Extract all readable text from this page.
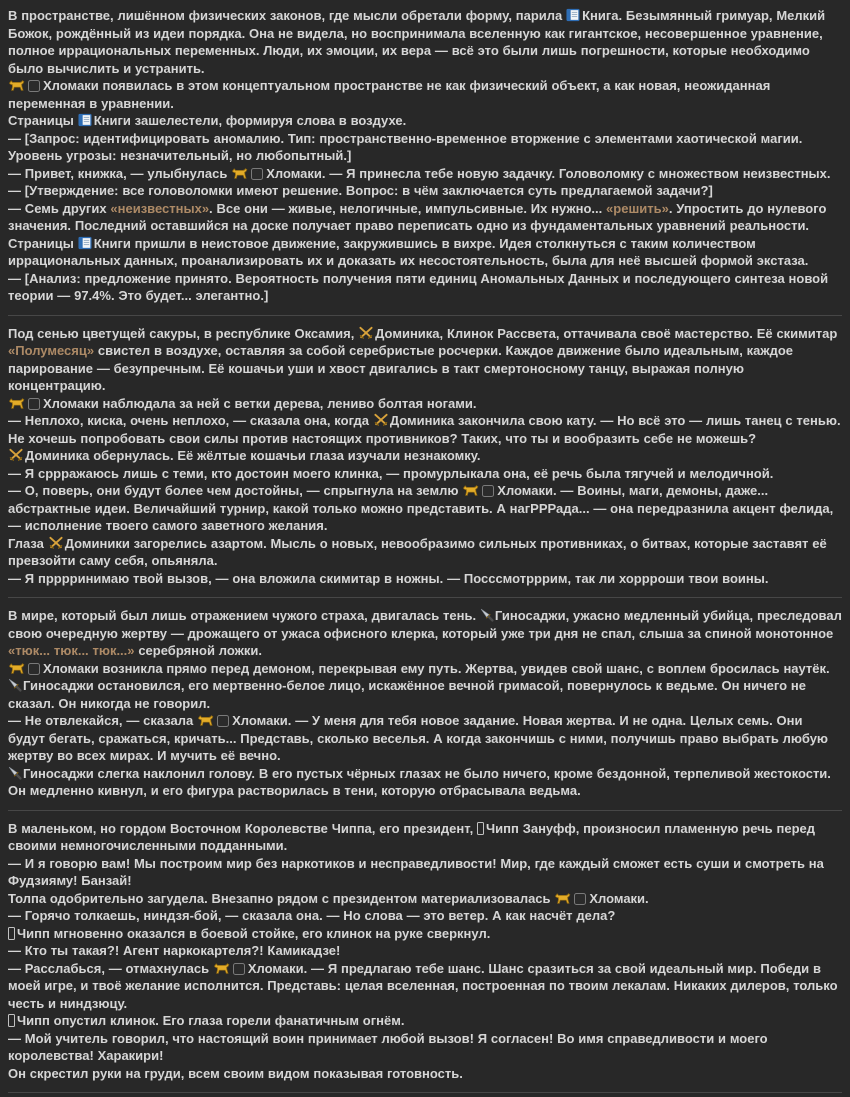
В пространстве, лишённом физических законов, где мысли обретали форму, парила Книга. Безымянный гримуар, Мелкий Божок, рождённый из идеи порядка. Она не видела, но воспринимала вселенную как гигантское, несовершенное уравнение, полное иррациональных переменных. Люди, их эмоции, их вера — всё это были лишь погрешности, которые необходимо было вычислить и устранить.

Хломаки появилась в этом концептуальном пространстве не как физический объект, а как новая, неожиданная переменная в уравнении.

Страницы Книги зашелестели, формируя слова в воздухе.

— [Запрос: идентифицировать аномалию. Тип: пространственно-временное вторжение с элементами хаотической магии. Уровень угрозы: незначительный, но любопытный.]

— Привет, книжка, — улыбнулась	Хломаки. — Я принесла тебе новую задачку. Головоломку с множеством неизвестных.

— [Утверждение: все головоломки имеют решение. Вопрос: в чём заключается суть предлагаемой задачи?]

— Семь других «неизвестных». Все они — живые, нелогичные, импульсивные. Их нужно... «решить». Упростить до нулевого значения. Последний оставшийся на доске получает право переписать одно из фундаментальных уравнений реальности.

Страницы Книги пришли в неистовое движение, закружившись в вихре. Идея столкнуться с таким количеством иррациональных данных, проанализировать их и доказать их несостоятельность, была для неё высшей формой экстаза.

— [Анализ: предложение принято. Вероятность получения пяти единиц Аномальных Данных и последующего синтеза новой теории — 97.4%. Это будет... элегантно.]

Под сенью цветущей сакуры, в республике Оксамия, Доминика, Клинок Рассвета, оттачивала своё мастерство. Её скимитар «Полумесяц» свистел в воздухе, оставляя за собой серебристые росчерки. Каждое движение было идеальным, каждое парирование — безупречным. Её кошачьи уши и хвост двигались в такт смертоносному танцу, выражая полную концентрацию.

Хломаки наблюдала за ней с ветки дерева, лениво болтая ногами.

— Неплохо, киска, очень неплохо, — сказала она, когда Доминика закончила свою кату. — Но всё это — лишь танец с тенью. Не хочешь попробовать свои силы против настоящих противников? Таких, что ты и вообразить себе не можешь?

Доминика обернулась. Её жёлтые кошачьи глаза изучали незнакомку.

— Я сррражаюсь лишь с теми, кто достоин моего клинка, — промурлыкала она, её речь была тягучей и мелодичной.

— О, поверь, они будут более чем достойны, — спрыгнула на землю	Хломаки. — Воины, маги, демоны, даже... абстрактные идеи. Величайший турнир, какой только можно представить. А нагРРРада... — она передразнила акцент фелида, — исполнение твоего самого заветного желания.

Глаза Доминики загорелись азартом. Мысль о новых, невообразимо сильных противниках, о битвах, которые заставят её превзойти саму себя, опьяняла.

— Я прррринимаю твой вызов, — она вложила скимитар в ножны. — Посссмотрррим, так ли хоррроши твои воины.

В мире, который был лишь отражением чужого страха, двигалась тень. Гиносаджи, ужасно медленный убийца, преследовал свою очередную жертву — дрожащего от ужаса офисного клерка, который уже три дня не спал, слыша за спиной монотонное «тюк... тюк... тюк...» серебряной ложки.

Хломаки возникла прямо перед демоном, перекрывая ему путь. Жертва, увидев свой шанс, с воплем бросилась наутёк. Гиносаджи остановился, его мертвенно-белое лицо, искажённое вечной гримасой, повернулось к ведьме. Он ничего не сказал. Он никогда не говорил.

— Не отвлекайся, — сказала	Хломаки. — У меня для тебя новое задание. Новая жертва. И не одна. Целых семь. Они будут бегать, сражаться, кричать... Представь, сколько веселья. А когда закончишь с ними, получишь право выбрать любую жертву во всех мирах. И мучить её вечно.

Гиносаджи слегка наклонил голову. В его пустых чёрных глазах не было ничего, кроме бездонной, терпеливой жестокости. Он медленно кивнул, и его фигура растворилась в тени, которую отбрасывала ведьма.

В маленьком, но гордом Восточном Королевстве Чиппа, его президент, Чипп Зануфф, произносил пламенную речь перед своими немногочисленными подданными.

— И я говорю вам! Мы построим мир без наркотиков и несправедливости! Мир, где каждый сможет есть суши и смотреть на Фудзияму! Банзай!

Толпа одобрительно загудела. Внезапно рядом с президентом материализовалась	Хломаки.

— Горячо толкаешь, ниндзя-бой, — сказала она. — Но слова — это ветер. А как насчёт дела?

Чипп мгновенно оказался в боевой стойке, его клинок на руке сверкнул.

— Кто ты такая?! Агент наркокартеля?! Камикадзе!

— Расслабься, — отмахнулась	Хломаки. — Я предлагаю тебе шанс. Шанс сразиться за свой идеальный мир. Победи в моей игре, и твоё желание исполнится. Представь: целая вселенная, построенная по твоим лекалам. Никаких дилеров, только честь и ниндзюцу.

Чипп опустил клинок. Его глаза горели фанатичным огнём.

— Мой учитель говорил, что настоящий воин принимает любой вызов! Я согласен! Во имя справедливости и моего королевства! Харакири!

Он скрестил руки на груди, всем своим видом показывая готовность.
